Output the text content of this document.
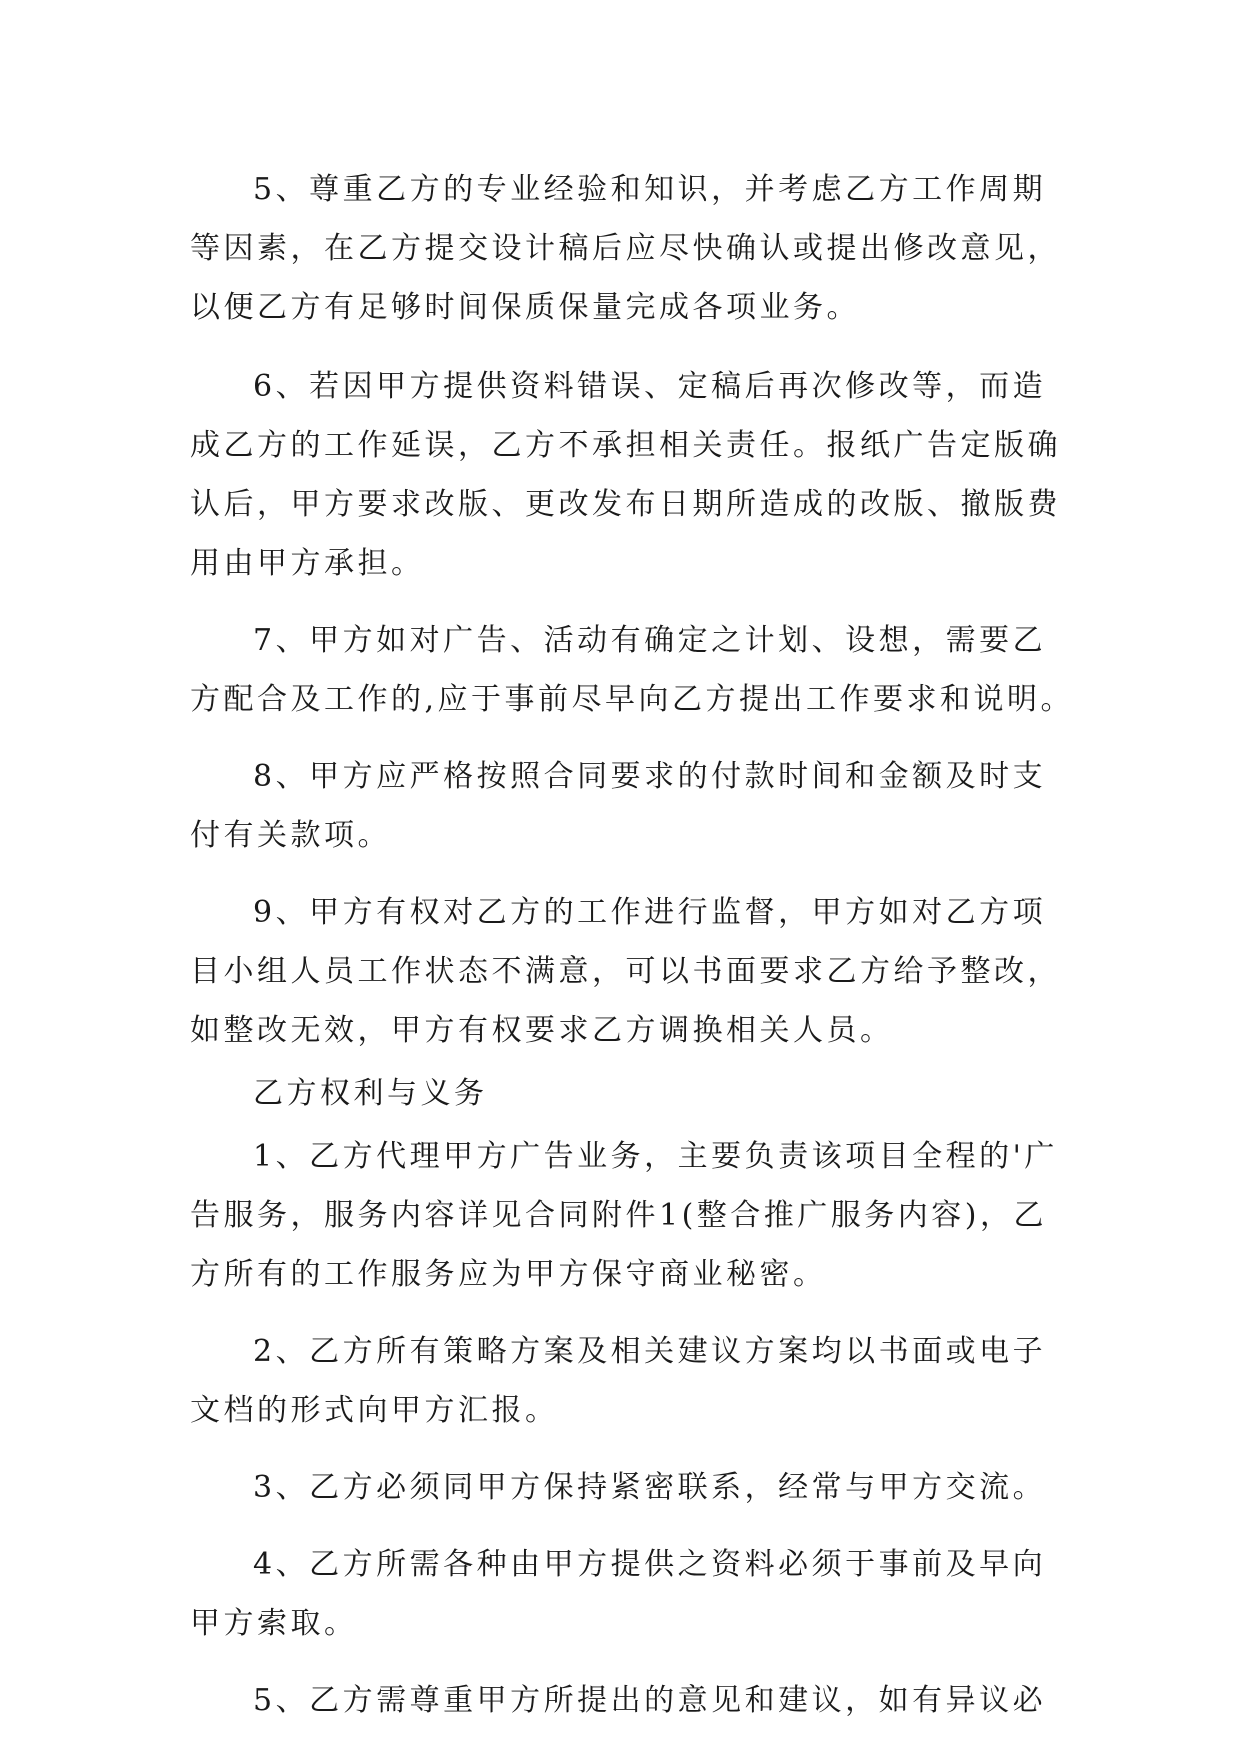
5、尊重乙方的专业经验和知识，并考虑乙方工作周期
等因素，在乙方提交设计稿后应尽快确认或提出修改意见，
以便乙方有足够时间保质保量完成各项业务。
6、若因甲方提供资料错误、定稿后再次修改等，而造
成乙方的工作延误，乙方不承担相关责任。报纸广告定版确
认后，甲方要求改版、更改发布日期所造成的改版、撤版费
用由甲方承担。
7、甲方如对广告、活动有确定之计划、设想，需要乙
方配合及工作的,应于事前尽早向乙方提出工作要求和说明。
8、甲方应严格按照合同要求的付款时间和金额及时支
付有关款项。
9、甲方有权对乙方的工作进行监督，甲方如对乙方项
目小组人员工作状态不满意，可以书面要求乙方给予整改，
如整改无效，甲方有权要求乙方调换相关人员。
乙方权利与义务
1、乙方代理甲方广告业务，主要负责该项目全程的'广
告服务，服务内容详见合同附件1(整合推广服务内容)，乙
方所有的工作服务应为甲方保守商业秘密。
2、乙方所有策略方案及相关建议方案均以书面或电子
文档的形式向甲方汇报。
3、乙方必须同甲方保持紧密联系，经常与甲方交流。
4、乙方所需各种由甲方提供之资料必须于事前及早向
甲方索取。
5、乙方需尊重甲方所提出的意见和建议，如有异议必
